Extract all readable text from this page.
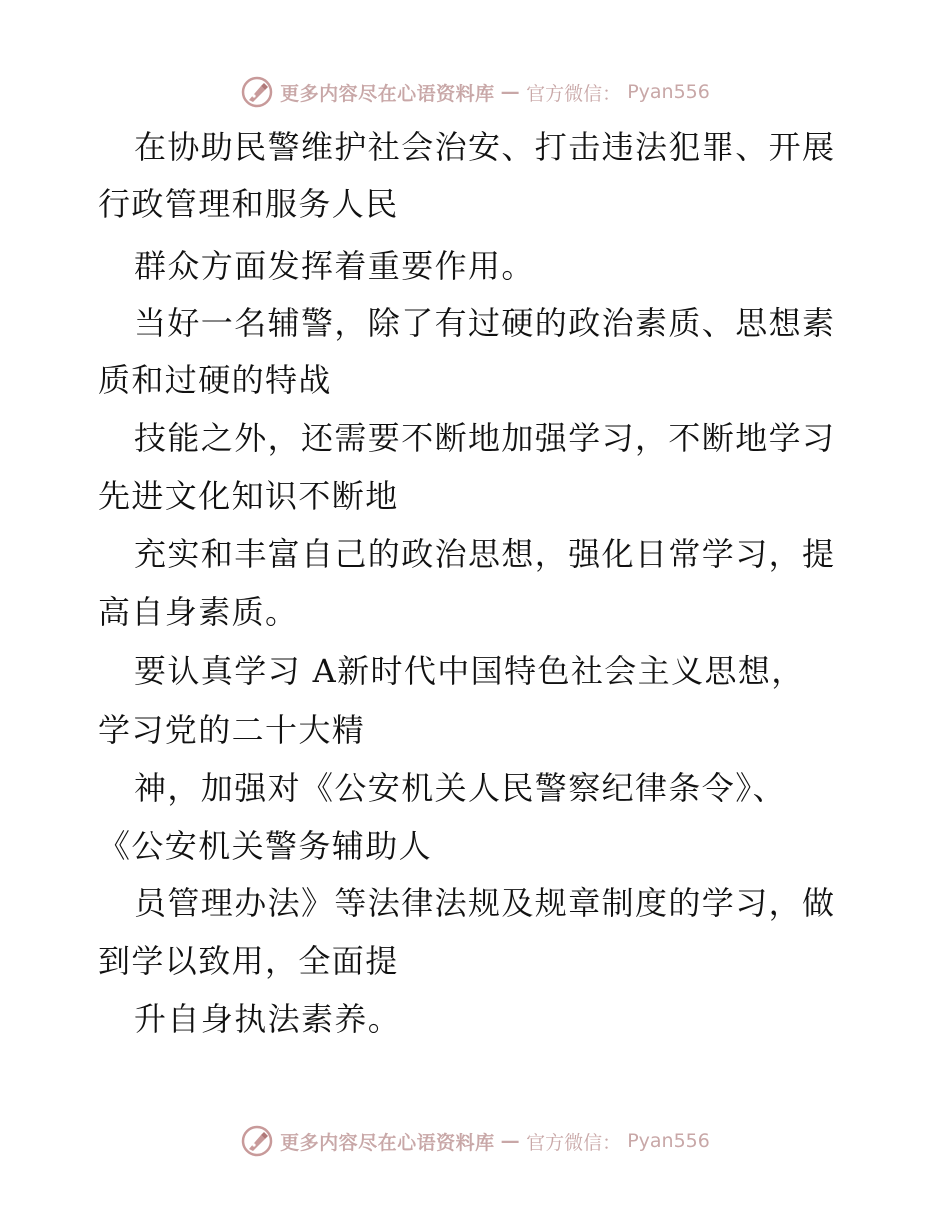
更多内容尽在心语资料库 — 官方微信： Pyan556
在协助民警维护社会治安、打击违法犯罪、开展
行政管理和服务人民
群众方面发挥着重要作用。
当好一名辅警，除了有过硬的政治素质、思想素
质和过硬的特战
技能之外，还需要不断地加强学习，不断地学习
先进文化知识不断地
充实和丰富自己的政治思想，强化日常学习，提
高自身素质。
要认真学习 A新时代中国特色社会主义思想，
学习党的二十大精
神，加强对《公安机关人民警察纪律条令》、
《公安机关警务辅助人
员管理办法》等法律法规及规章制度的学习，做
到学以致用，全面提
升自身执法素养。
更多内容尽在心语资料库 — 官方微信： Pyan556
